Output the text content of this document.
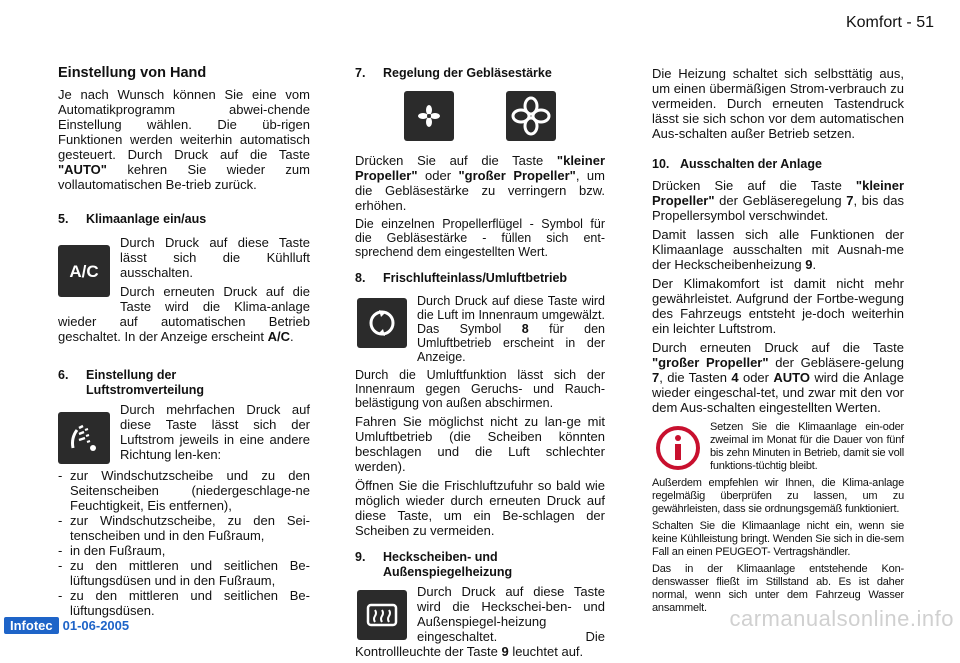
Komfort - 51
Einstellung von Hand

Je nach Wunsch können Sie eine vom Automatikprogramm abwei-chende Einstellung wählen. Die üb-rigen Funktionen werden weiterhin automatisch gesteuert. Durch Druck auf die Taste "AUTO" kehren Sie wieder zum vollautomatischen Be-trieb zurück.

5. Klimaanlage ein/aus
A/C

Durch Druck auf diese Taste lässt sich die Kühlluft ausschalten.

Durch erneuten Druck auf die Taste wird die Klima-anlage wieder auf automatischen Betrieb geschaltet. In der Anzeige erscheint A/C.

6. Einstellung der
Luftstromverteilung

Durch mehrfachen Druck auf diese Taste lässt sich der Luftstrom jeweils in eine andere Richtung len-ken:

- zur Windschutzscheibe und zu den Seitenscheiben (niedergeschlage-ne Feuchtigkeit, Eis entfernen),
- zur Windschutzscheibe, zu den Sei-tenscheiben und in den Fußraum,
- in den Fußraum,
- zu den mittleren und seitlichen Be-lüftungsdüsen und in den Fußraum,
- zu den mittleren und seitlichen Be-lüftungsdüsen.
7. Regelung der Gebläsestärke

Drücken Sie auf die Taste "kleiner Propeller" oder "großer Propeller", um die Gebläsestärke zu verringern bzw. erhöhen.

Die einzelnen Propellerflügel - Symbol für die Gebläsestärke - füllen sich ent-sprechend dem eingestellten Wert.

8. Frischlufteinlass/Umluftbetrieb

Durch Druck auf diese Taste wird die Luft im Innenraum umgewälzt. Das Symbol 8 für den Umluftbetrieb erscheint in der Anzeige.

Durch die Umluftfunktion lässt sich der Innenraum gegen Geruchs- und Rauch-belästigung von außen abschirmen.

Fahren Sie möglichst nicht zu lan-ge mit Umluftbetrieb (die Scheiben könnten beschlagen und die Luft schlechter werden).

Öffnen Sie die Frischluftzufuhr so bald wie möglich wieder durch erneuten Druck auf diese Taste, um ein Be-schlagen der Scheiben zu vermeiden.

9. Heckscheiben- und
Außenspiegelheizung

Durch Druck auf diese Taste wird die Heckschei-ben- und Außenspiegel-heizung eingeschaltet. Die Kontrollleuchte der Taste 9 leuchtet auf.

Die Heizung schaltet sich selbsttätig aus, um einen übermäßigen Strom-verbrauch zu vermeiden. Durch erneuten Tastendruck lässt sie sich schon vor dem automatischen Aus-schalten außer Betrieb setzen.

10. Ausschalten der Anlage

Drücken Sie auf die Taste "kleiner Propeller" der Gebläseregelung 7, bis das Propellersymbol verschwindet.

Damit lassen sich alle Funktionen der Klimaanlage ausschalten mit Ausnah-me der Heckscheibenheizung 9.

Der Klimakomfort ist damit nicht mehr gewährleistet. Aufgrund der Fortbe-wegung des Fahrzeugs entsteht je-doch weiterhin ein leichter Luftstrom.

Durch erneuten Druck auf die Taste "großer Propeller" der Gebläsere-gelung 7, die Tasten 4 oder AUTO wird die Anlage wieder eingeschal-tet, und zwar mit den vor dem Aus-schalten eingestellten Werten.

Setzen Sie die Klimaanlage ein-oder zweimal im Monat für die Dauer von fünf bis zehn Minuten in Betrieb, damit sie voll funktions-tüchtig bleibt.

Außerdem empfehlen wir Ihnen, die Klima-anlage regelmäßig überprüfen zu lassen, um zu gewährleisten, dass sie ordnungsgemäß funktioniert.

Schalten Sie die Klimaanlage nicht ein, wenn sie keine Kühlleistung bringt. Wenden Sie sich in die-sem Fall an einen PEUGEOT- Vertragshändler.

Das in der Klimaanlage entstehende Kon-denswasser fließt im Stillstand ab. Es ist daher normal, wenn sich unter dem Fahrzeug Wasser ansammelt.

Infotec 01-06-2005	carmanualsonline.info
